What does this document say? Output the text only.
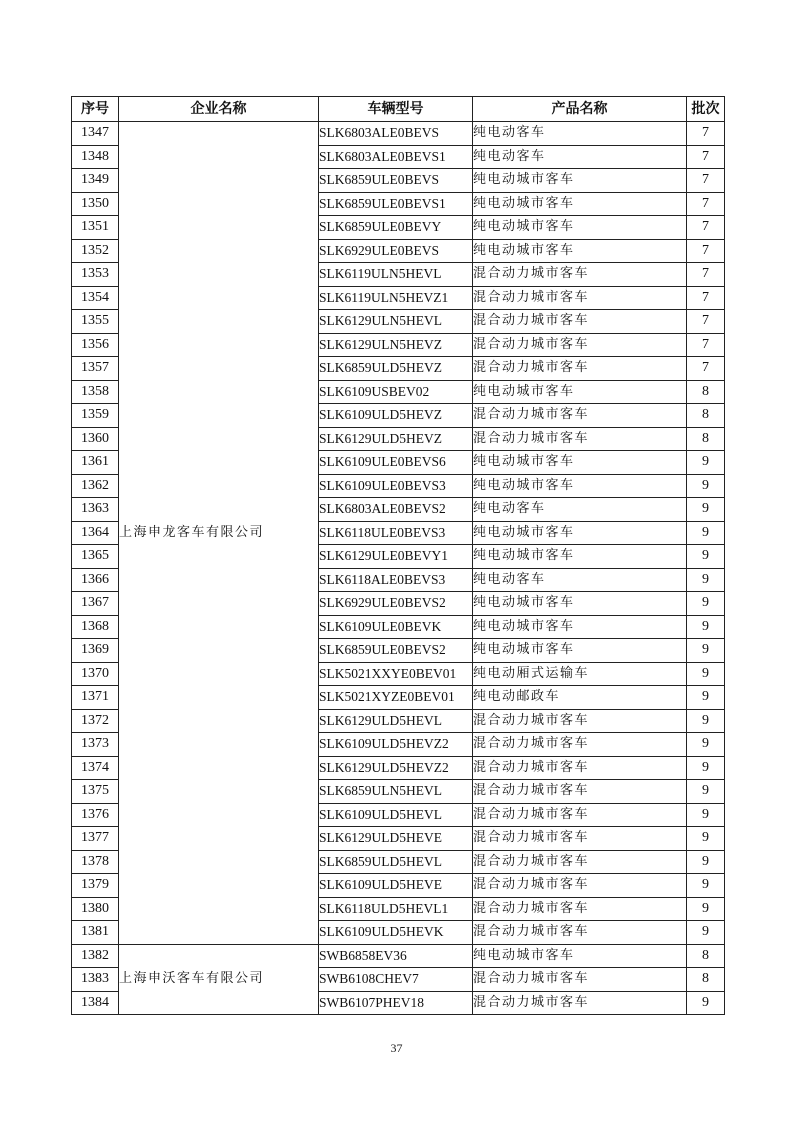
序号	企业名称	车辆型号	产品名称	批次
1347	上海申龙客车有限公司	SLK6803ALE0BEVS	纯电动客车	7
1348		SLK6803ALE0BEVS1	纯电动客车	7
1349		SLK6859ULE0BEVS	纯电动城市客车	7
1350		SLK6859ULE0BEVS1	纯电动城市客车	7
1351		SLK6859ULE0BEVY	纯电动城市客车	7
1352		SLK6929ULE0BEVS	纯电动城市客车	7
1353		SLK6119ULN5HEVL	混合动力城市客车	7
1354		SLK6119ULN5HEVZ1	混合动力城市客车	7
1355		SLK6129ULN5HEVL	混合动力城市客车	7
1356		SLK6129ULN5HEVZ	混合动力城市客车	7
1357		SLK6859ULD5HEVZ	混合动力城市客车	7
1358		SLK6109USBEV02	纯电动城市客车	8
1359		SLK6109ULD5HEVZ	混合动力城市客车	8
1360		SLK6129ULD5HEVZ	混合动力城市客车	8
1361		SLK6109ULE0BEVS6	纯电动城市客车	9
1362		SLK6109ULE0BEVS3	纯电动城市客车	9
1363		SLK6803ALE0BEVS2	纯电动客车	9
1364		SLK6118ULE0BEVS3	纯电动城市客车	9
1365		SLK6129ULE0BEVY1	纯电动城市客车	9
1366		SLK6118ALE0BEVS3	纯电动客车	9
1367		SLK6929ULE0BEVS2	纯电动城市客车	9
1368		SLK6109ULE0BEVK	纯电动城市客车	9
1369		SLK6859ULE0BEVS2	纯电动城市客车	9
1370		SLK5021XXYE0BEV01	纯电动厢式运输车	9
1371		SLK5021XYZE0BEV01	纯电动邮政车	9
1372		SLK6129ULD5HEVL	混合动力城市客车	9
1373		SLK6109ULD5HEVZ2	混合动力城市客车	9
1374		SLK6129ULD5HEVZ2	混合动力城市客车	9
1375		SLK6859ULN5HEVL	混合动力城市客车	9
1376		SLK6109ULD5HEVL	混合动力城市客车	9
1377		SLK6129ULD5HEVE	混合动力城市客车	9
1378		SLK6859ULD5HEVL	混合动力城市客车	9
1379		SLK6109ULD5HEVE	混合动力城市客车	9
1380		SLK6118ULD5HEVL1	混合动力城市客车	9
1381		SLK6109ULD5HEVK	混合动力城市客车	9
1382	上海申沃客车有限公司	SWB6858EV36	纯电动城市客车	8
1383		SWB6108CHEV7	混合动力城市客车	8
1384		SWB6107PHEV18	混合动力城市客车	9
37
